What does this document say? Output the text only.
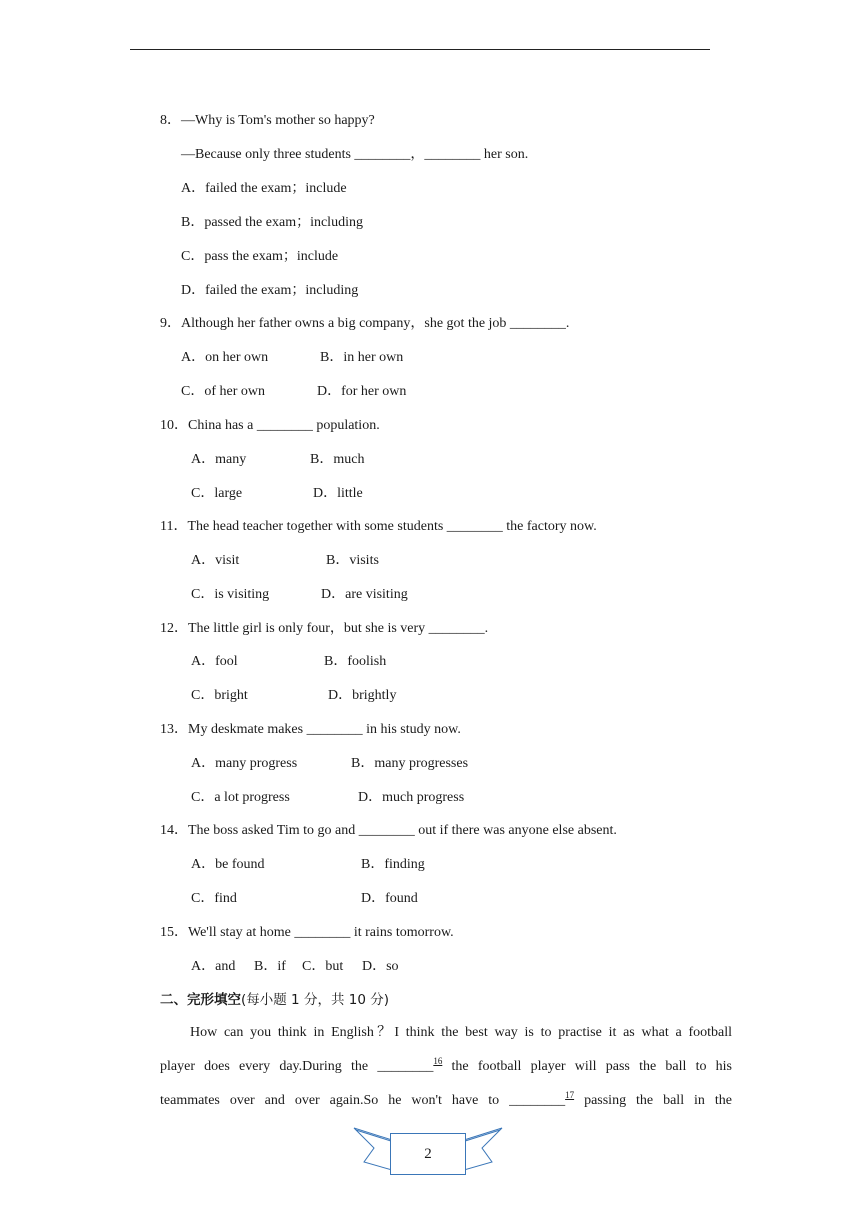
8．—Why is Tom's mother so happy?
—Because only three students ________，________ her son.
A．failed the exam；include
B．passed the exam；including
C．pass the exam；include
D．failed the exam；including
9．Although her father owns a big company，she got the job ________.
A．on her own	B．in her own
C．of her own	D．for her own
10．China has a ________ population.
A．many	B．much
C．large	D．little
11．The head teacher together with some students ________ the factory now.
A．visit	B．visits
C．is visiting	D．are visiting
12．The little girl is only four，but she is very ________.
A．fool	B．foolish
C．bright	D．brightly
13．My deskmate makes ________ in his study now.
A．many progress	B．many progresses
C．a lot progress	D．much progress
14．The boss asked Tim to go and ________ out if there was anyone else absent.
A．be found	B．finding
C．find	D．found
15．We'll stay at home ________ it rains tomorrow.
A．and B．if C．but D．so
二、完形填空(每小题 1 分，共 10 分)
How can you think in English？I think the best way is to practise it as what a football
player does every day.During the ________$^{16}$ the football player will pass the ball to his
teammates over and over again.So he won't have to ________$^{17}$ passing the ball in the
2
